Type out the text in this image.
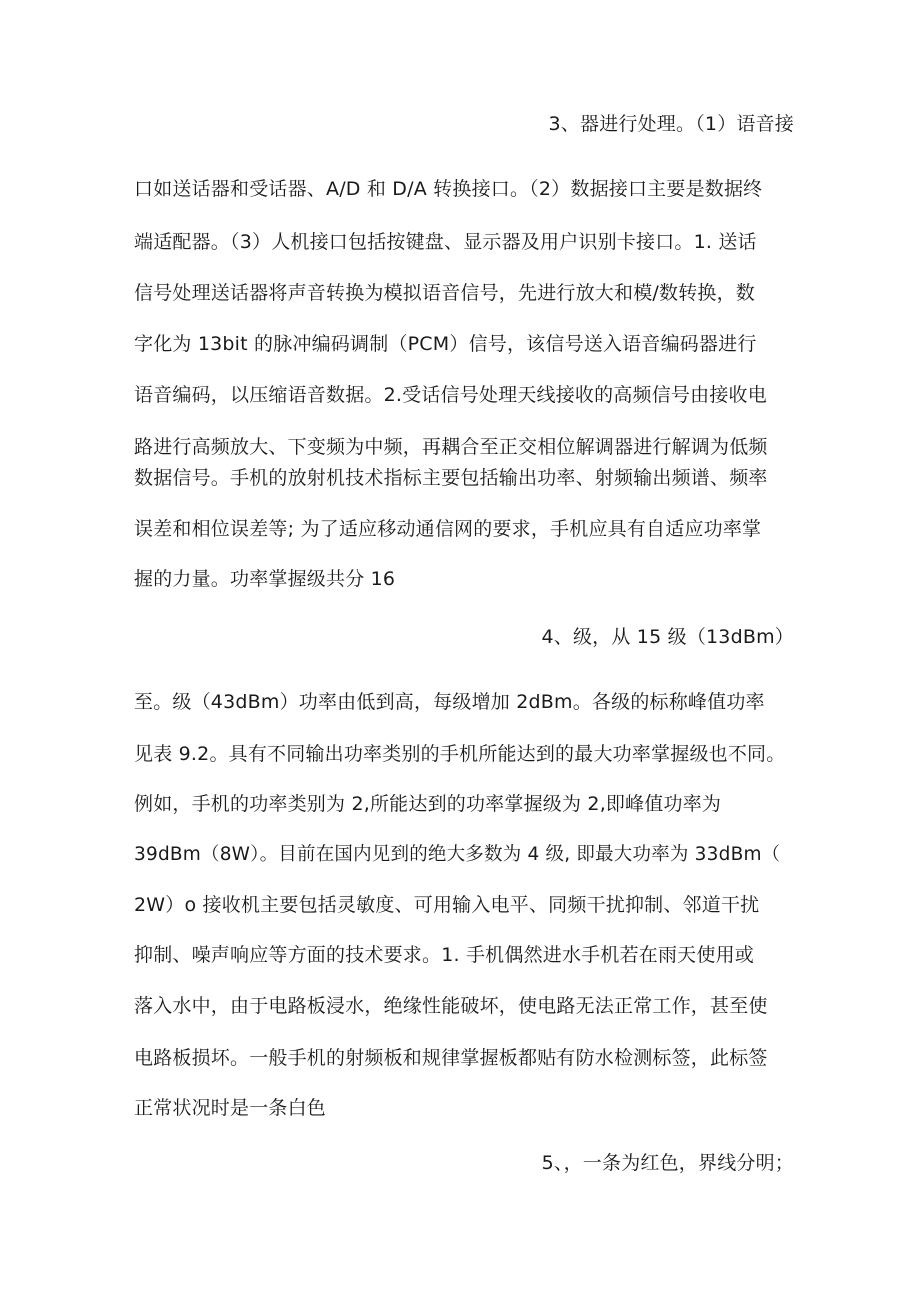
3、器进行处理。（1）语音接
口如送话器和受话器、A/D 和 D/A 转换接口。（2）数据接口主要是数据终
端适配器。（3）人机接口包括按键盘、显示器及用户识别卡接口。1. 送话
信号处理送话器将声音转换为模拟语音信号，先进行放大和模/数转换，数
字化为 13bit 的脉冲编码调制（PCM）信号，该信号送入语音编码器进行
语音编码，以压缩语音数据。2.受话信号处理天线接收的高频信号由接收电
路进行高频放大、下变频为中频，再耦合至正交相位解调器进行解调为低频
数据信号。手机的放射机技术指标主要包括输出功率、射频输出频谱、频率
误差和相位误差等; 为了适应移动通信网的要求，手机应具有自适应功率掌
握的力量。功率掌握级共分 16
4、级，从 15 级（13dBm）
至。级（43dBm）功率由低到高，每级增加 2dBm。各级的标称峰值功率
见表 9.2。具有不同输出功率类别的手机所能达到的最大功率掌握级也不同。
例如，手机的功率类别为 2,所能达到的功率掌握级为 2,即峰值功率为
39dBm（8W）。目前在国内见到的绝大多数为 4 级, 即最大功率为 33dBm（
2W）o 接收机主要包括灵敏度、可用输入电平、同频干扰抑制、邻道干扰
抑制、噪声响应等方面的技术要求。1. 手机偶然进水手机若在雨天使用或
落入水中，由于电路板浸水，绝缘性能破坏，使电路无法正常工作，甚至使
电路板损坏。一般手机的射频板和规律掌握板都贴有防水检测标签，此标签
正常状况时是一条白色
5、，一条为红色，界线分明；
